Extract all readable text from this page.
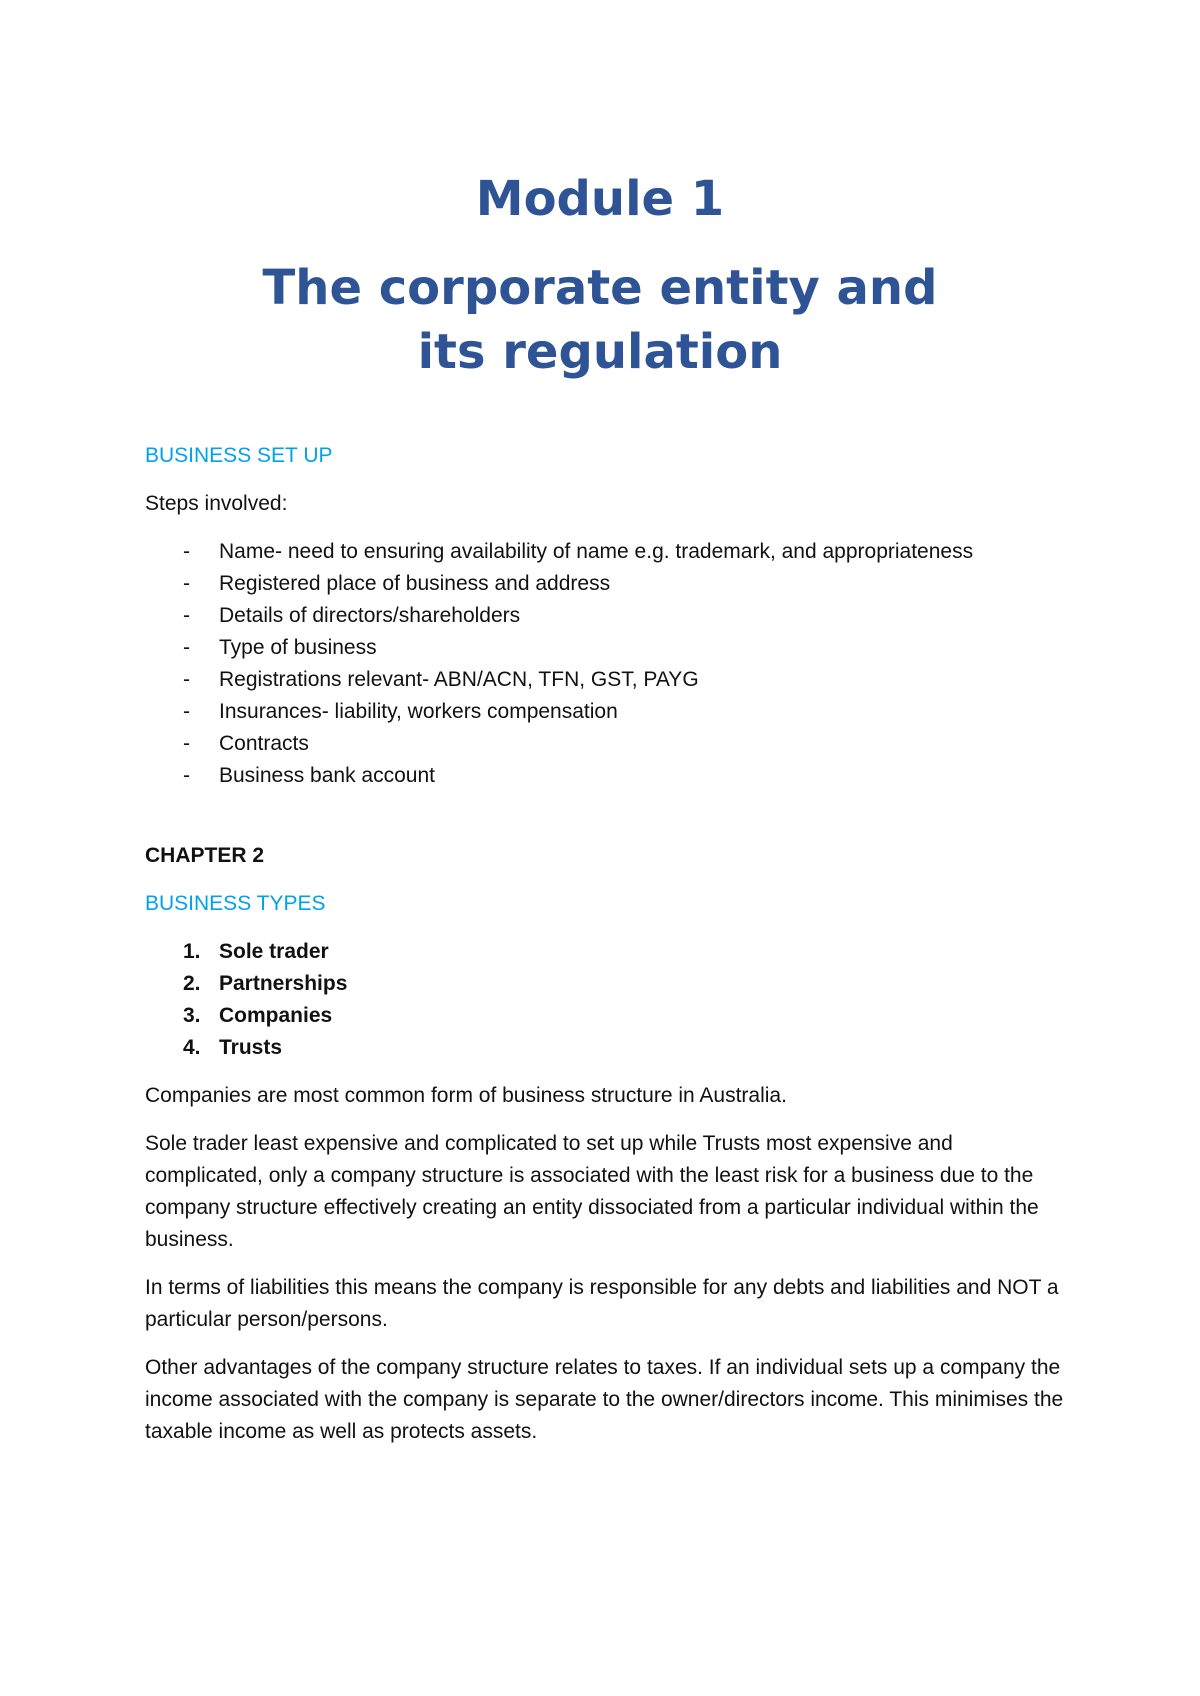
Module 1

The corporate entity and its regulation

BUSINESS SET UP

Steps involved:

- Name- need to ensuring availability of name e.g. trademark, and appropriateness
- Registered place of business and address
- Details of directors/shareholders
- Type of business
- Registrations relevant- ABN/ACN, TFN, GST, PAYG
- Insurances- liability, workers compensation
- Contracts
- Business bank account

CHAPTER 2

BUSINESS TYPES

1. Sole trader
2. Partnerships
3. Companies
4. Trusts

Companies are most common form of business structure in Australia.

Sole trader least expensive and complicated to set up while Trusts most expensive and complicated, only a company structure is associated with the least risk for a business due to the company structure effectively creating an entity dissociated from a particular individual within the business.

In terms of liabilities this means the company is responsible for any debts and liabilities and NOT a particular person/persons.

Other advantages of the company structure relates to taxes. If an individual sets up a company the income associated with the company is separate to the owner/directors income. This minimises the taxable income as well as protects assets.
